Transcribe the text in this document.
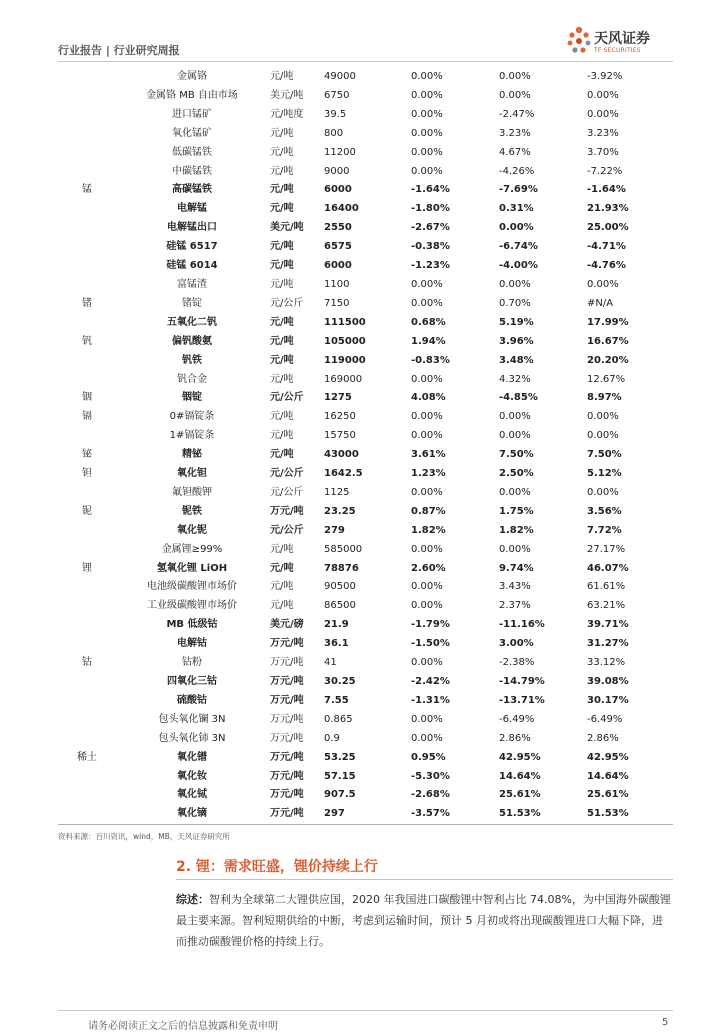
行业报告 | 行业研究周报
天风证券
TF SECURITIES
	金属铬	元/吨	49000	0.00%	0.00%	-3.92%
	金属铬 MB 自由市场	美元/吨	6750	0.00%	0.00%	0.00%
	进口锰矿	元/吨度	39.5	0.00%	-2.47%	0.00%
	氧化锰矿	元/吨	800	0.00%	3.23%	3.23%
	低碳锰铁	元/吨	11200	0.00%	4.67%	3.70%
	中碳锰铁	元/吨	9000	0.00%	-4.26%	-7.22%
锰	高碳锰铁	元/吨	6000	-1.64%	-7.69%	-1.64%
	电解锰	元/吨	16400	-1.80%	0.31%	21.93%
	电解锰出口	美元/吨	2550	-2.67%	0.00%	25.00%
	硅锰 6517	元/吨	6575	-0.38%	-6.74%	-4.71%
	硅锰 6014	元/吨	6000	-1.23%	-4.00%	-4.76%
	富锰渣	元/吨	1100	0.00%	0.00%	0.00%
锗	锗锭	元/公斤	7150	0.00%	0.70%	#N/A
	五氧化二钒	元/吨	111500	0.68%	5.19%	17.99%
钒	偏钒酸氨	元/吨	105000	1.94%	3.96%	16.67%
	钒铁	元/吨	119000	-0.83%	3.48%	20.20%
	钒合金	元/吨	169000	0.00%	4.32%	12.67%
铟	铟锭	元/公斤	1275	4.08%	-4.85%	8.97%
镉	0#镉锭条	元/吨	16250	0.00%	0.00%	0.00%
	1#镉锭条	元/吨	15750	0.00%	0.00%	0.00%
铋	精铋	元/吨	43000	3.61%	7.50%	7.50%
钽	氧化钽	元/公斤	1642.5	1.23%	2.50%	5.12%
	氟钽酸钾	元/公斤	1125	0.00%	0.00%	0.00%
铌	铌铁	万元/吨	23.25	0.87%	1.75%	3.56%
	氧化铌	元/公斤	279	1.82%	1.82%	7.72%
	金属锂≥99%	元/吨	585000	0.00%	0.00%	27.17%
锂	氢氧化锂 LiOH	元/吨	78876	2.60%	9.74%	46.07%
	电池级碳酸锂市场价	元/吨	90500	0.00%	3.43%	61.61%
	工业级碳酸锂市场价	元/吨	86500	0.00%	2.37%	63.21%
	MB 低级钴	美元/磅	21.9	-1.79%	-11.16%	39.71%
	电解钴	万元/吨	36.1	-1.50%	3.00%	31.27%
钴	钴粉	万元/吨	41	0.00%	-2.38%	33.12%
	四氧化三钴	万元/吨	30.25	-2.42%	-14.79%	39.08%
	硫酸钴	万元/吨	7.55	-1.31%	-13.71%	30.17%
	包头氧化镧 3N	万元/吨	0.865	0.00%	-6.49%	-6.49%
	包头氧化铈 3N	万元/吨	0.9	0.00%	2.86%	2.86%
稀土	氧化镨	万元/吨	53.25	0.95%	42.95%	42.95%
	氧化钕	万元/吨	57.15	-5.30%	14.64%	14.64%
	氧化铽	万元/吨	907.5	-2.68%	25.61%	25.61%
	氧化镝	万元/吨	297	-3.57%	51.53%	51.53%
资料来源：百川资讯，wind，MB，天风证券研究所
2. 锂：需求旺盛，锂价持续上行
综述：智利为全球第二大锂供应国，2020 年我国进口碳酸锂中智利占比 74.08%，为中国海外碳酸锂最主要来源。智利短期供给的中断，考虑到运输时间，预计 5 月初或将出现碳酸锂进口大幅下降，进而推动碳酸锂价格的持续上行。
请务必阅读正文之后的信息披露和免责申明	5
